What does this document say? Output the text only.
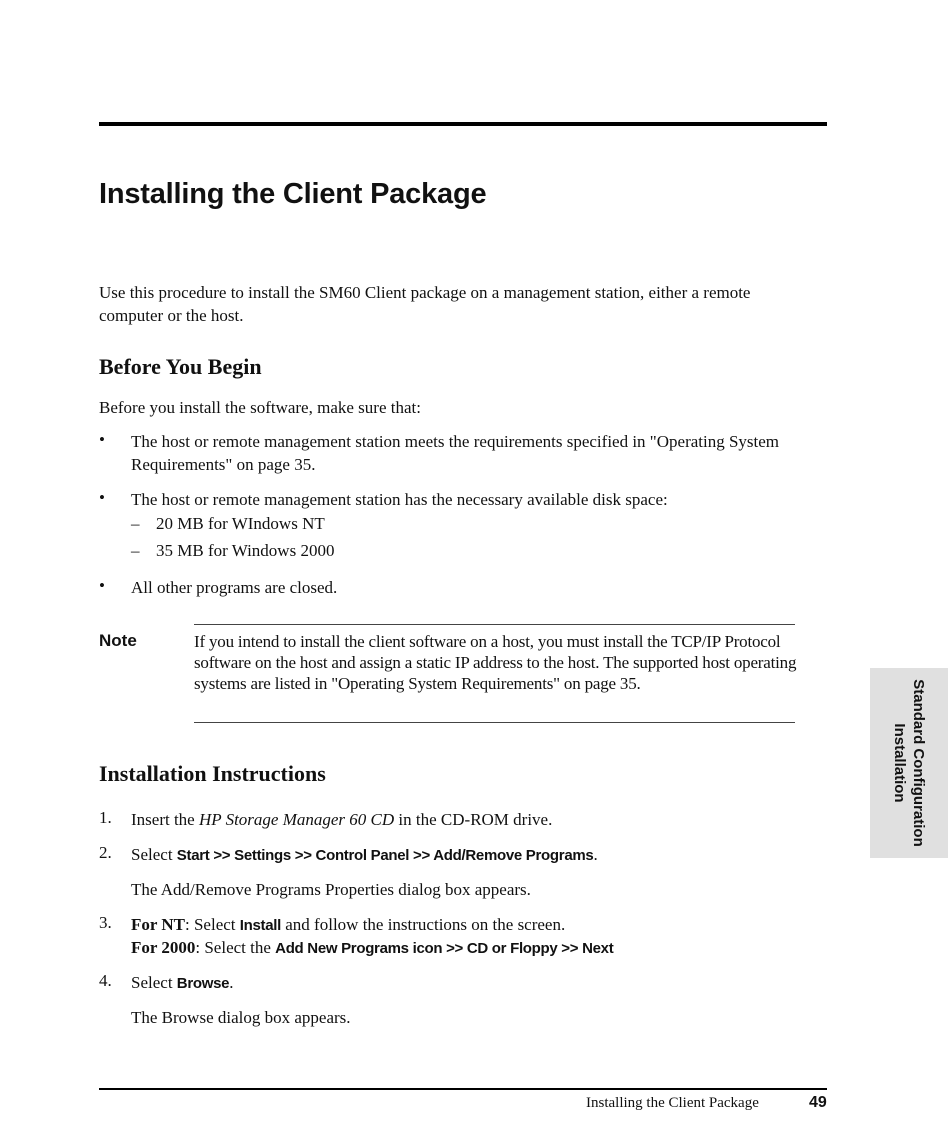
Installing the Client Package
Use this procedure to install the SM60 Client package on a management station, either a remote computer or the host.
Before You Begin
Before you install the software, make sure that:
• The host or remote management station meets the requirements specified in "Operating System Requirements" on page 35.
• The host or remote management station has the necessary available disk space:
– 20 MB for WIndows NT
– 35 MB for Windows 2000
• All other programs are closed.
Note	If you intend to install the client software on a host, you must install the TCP/IP Protocol software on the host and assign a static IP address to the host. The supported host operating systems are listed in "Operating System Requirements" on page 35.
Installation Instructions
1. Insert the HP Storage Manager 60 CD in the CD-ROM drive.
2. Select Start >> Settings >> Control Panel >> Add/Remove Programs.
The Add/Remove Programs Properties dialog box appears.
3. For NT: Select Install and follow the instructions on the screen.
For 2000: Select the Add New Programs icon >> CD or Floppy >> Next
4. Select Browse.
The Browse dialog box appears.
Standard Configuration
Installation
Installing the Client Package	49
